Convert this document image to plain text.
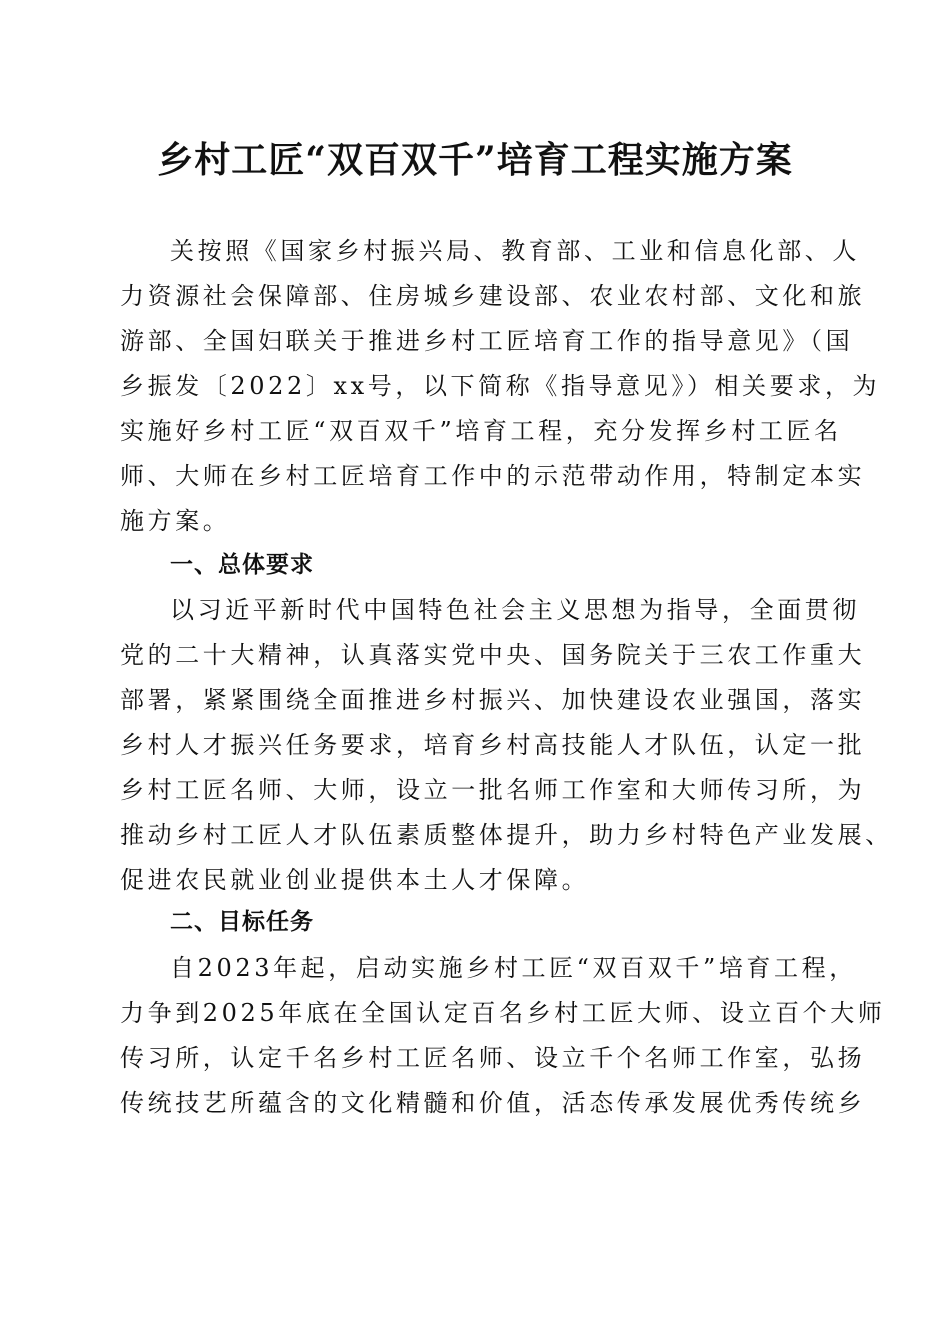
乡村工匠“双百双千”培育工程实施方案
关按照《国家乡村振兴局、教育部、工业和信息化部、人
力资源社会保障部、住房城乡建设部、农业农村部、文化和旅
游部、全国妇联关于推进乡村工匠培育工作的指导意见》（国
乡振发〔2022〕xx号，以下简称《指导意见》）相关要求，为
实施好乡村工匠“双百双千”培育工程，充分发挥乡村工匠名
师、大师在乡村工匠培育工作中的示范带动作用，特制定本实
施方案。
一、总体要求
以习近平新时代中国特色社会主义思想为指导，全面贯彻
党的二十大精神，认真落实党中央、国务院关于三农工作重大
部署，紧紧围绕全面推进乡村振兴、加快建设农业强国，落实
乡村人才振兴任务要求，培育乡村高技能人才队伍，认定一批
乡村工匠名师、大师，设立一批名师工作室和大师传习所，为
推动乡村工匠人才队伍素质整体提升，助力乡村特色产业发展、
促进农民就业创业提供本土人才保障。
二、目标任务
自2023年起，启动实施乡村工匠“双百双千”培育工程，
力争到2025年底在全国认定百名乡村工匠大师、设立百个大师
传习所，认定千名乡村工匠名师、设立千个名师工作室，弘扬
传统技艺所蕴含的文化精髓和价值，活态传承发展优秀传统乡
